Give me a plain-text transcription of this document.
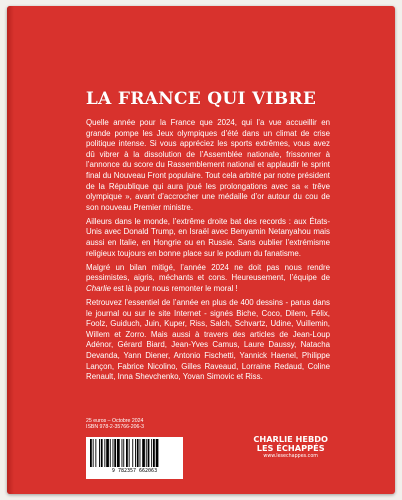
LA FRANCE QUI VIBRE

Quelle année pour la France que 2024, qui l’a vue accueillir en grande pompe les Jeux olympiques d’été dans un climat de crise politique intense. Si vous appréciez les sports extrêmes, vous avez dû vibrer à la dissolution de l’Assemblée nationale, frissonner à l’annonce du score du Rassemblement national et applaudir le sprint final du Nouveau Front populaire. Tout cela arbitré par notre président de la République qui aura joué les prolongations avec sa « trêve olympique », avant d’accrocher une médaille d’or autour du cou de son nouveau Premier ministre.

Ailleurs dans le monde, l’extrême droite bat des records : aux États-Unis avec Donald Trump, en Israël avec Benyamin Netanyahou mais aussi en Italie, en Hongrie ou en Russie. Sans oublier l’extrémisme religieux toujours en bonne place sur le podium du fanatisme.

Malgré un bilan mitigé, l’année 2024 ne doit pas nous rendre pessimistes, aigris, méchants et cons. Heureusement, l’équipe de Charlie est là pour nous remonter le moral !

Retrouvez l’essentiel de l’année en plus de 400 dessins - parus dans le journal ou sur le site Internet - signés Biche, Coco, Dilem, Félix, Foolz, Guiduch, Juin, Kuper, Riss, Salch, Schvartz, Udine, Vuillemin, Willem et Zorro. Mais aussi à travers des articles de Jean-Loup Adénor, Gérard Biard, Jean-Yves Camus, Laure Daussy, Natacha Devanda, Yann Diener, Antonio Fischetti, Yannick Haenel, Philippe Lançon, Fabrice Nicolino, Gilles Raveaud, Lorraine Redaud, Coline Renault, Inna Shevchenko, Yovan Simovic et Riss.

25 euros – Octobre 2024
ISBN 978-2-35766-206-3
9 782357 662063
CHARLIE HEBDO
LES ÉCHAPPÉS
www.lesechappes.com
